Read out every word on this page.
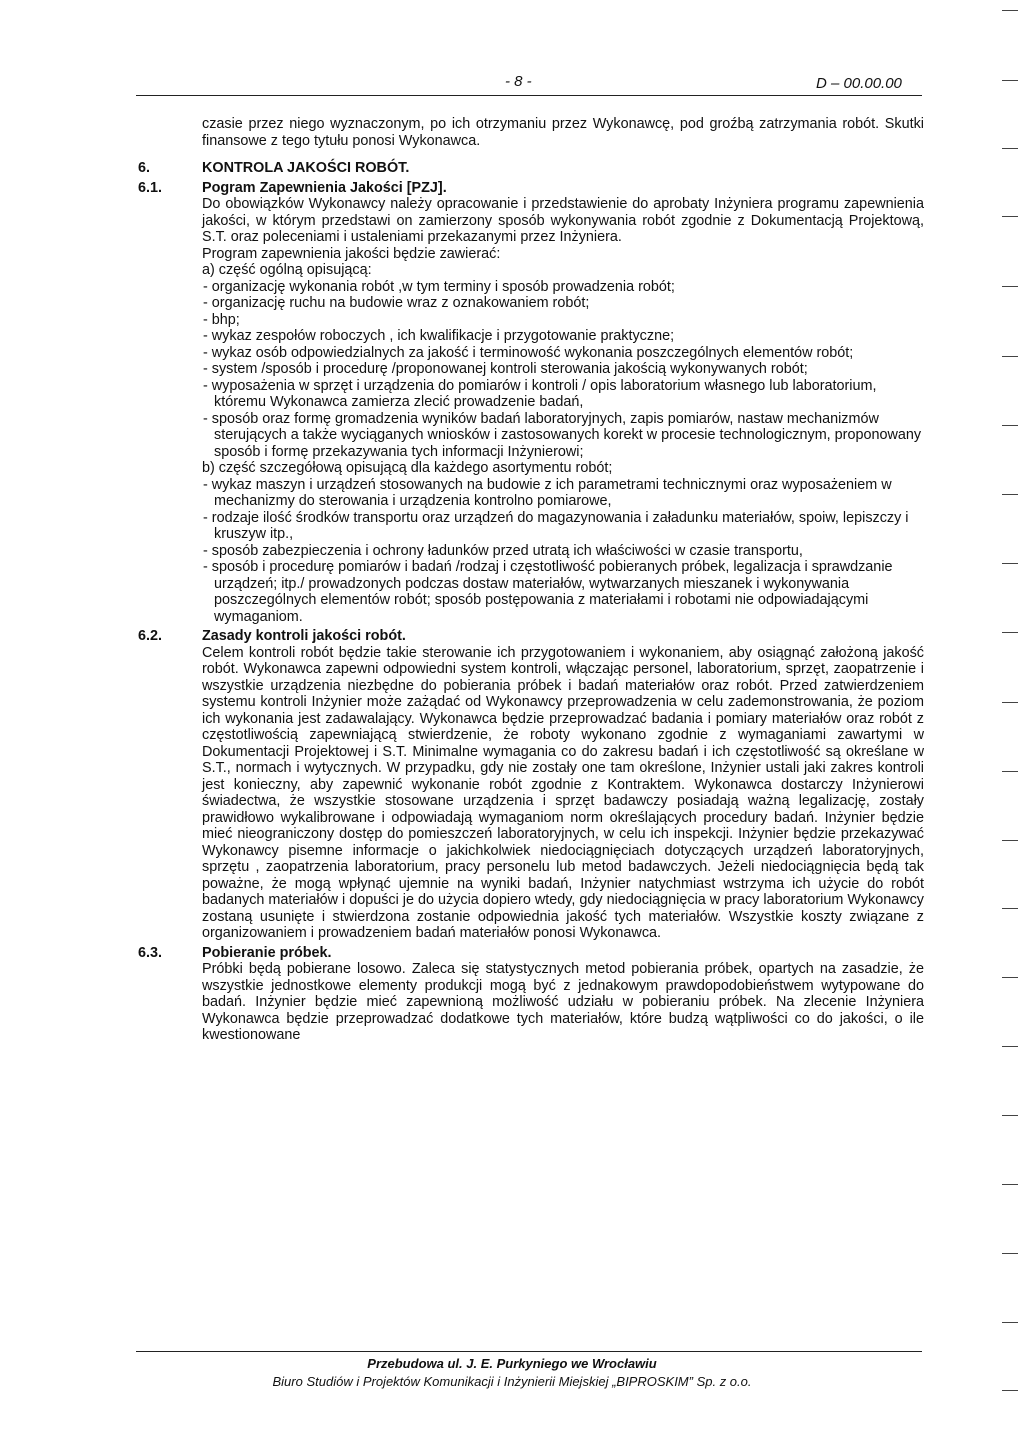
- 8 -	D – 00.00.00

czasie przez niego wyznaczonym, po ich otrzymaniu przez Wykonawcę, pod groźbą zatrzymania robót. Skutki finansowe z tego tytułu ponosi Wykonawca.

6.	KONTROLA JAKOŚCI ROBÓT.
6.1.	Pogram Zapewnienia Jakości [PZJ].

Do obowiązków Wykonawcy należy opracowanie i przedstawienie do aprobaty Inżyniera programu zapewnienia jakości, w którym przedstawi on zamierzony sposób wykonywania robót zgodnie z Dokumentacją Projektową, S.T. oraz poleceniami i ustaleniami przekazanymi przez Inżyniera.

Program zapewnienia jakości będzie zawierać:

a) część ogólną opisującą:

- organizację wykonania robót ,w tym terminy i sposób prowadzenia robót;
- organizację ruchu na budowie wraz z oznakowaniem robót;
- bhp;
- wykaz zespołów roboczych , ich kwalifikacje i przygotowanie praktyczne;
- wykaz osób odpowiedzialnych za jakość i terminowość wykonania poszczególnych elementów robót;
- system /sposób i procedurę /proponowanej kontroli sterowania jakością wykonywanych robót;
- wyposażenia w sprzęt i urządzenia do pomiarów i kontroli / opis laboratorium własnego lub laboratorium, któremu Wykonawca zamierza zlecić prowadzenie badań,
- sposób oraz formę gromadzenia wyników badań laboratoryjnych, zapis pomiarów, nastaw mechanizmów sterujących a także wyciąganych wniosków i zastosowanych korekt w procesie technologicznym, proponowany sposób i formę przekazywania tych informacji Inżynierowi;

b) część szczegółową opisującą dla każdego asortymentu robót;

- wykaz maszyn i urządzeń stosowanych na budowie z ich parametrami technicznymi oraz wyposażeniem w mechanizmy do sterowania i urządzenia kontrolno pomiarowe,
- rodzaje ilość środków transportu oraz urządzeń do magazynowania i załadunku materiałów, spoiw, lepiszczy i kruszyw itp.,
- sposób zabezpieczenia i ochrony ładunków przed utratą ich właściwości w czasie transportu,
- sposób i procedurę pomiarów i badań /rodzaj i częstotliwość pobieranych próbek, legalizacja i sprawdzanie urządzeń; itp./ prowadzonych podczas dostaw materiałów, wytwarzanych mieszanek i wykonywania poszczególnych elementów robót; sposób postępowania z materiałami i robotami nie odpowiadającymi wymaganiom.
6.2.	Zasady kontroli jakości robót.

Celem kontroli robót będzie takie sterowanie ich przygotowaniem i wykonaniem, aby osiągnąć założoną jakość robót. Wykonawca zapewni odpowiedni system kontroli, włączając personel, laboratorium, sprzęt, zaopatrzenie i wszystkie urządzenia niezbędne do pobierania próbek i badań materiałów oraz robót. Przed zatwierdzeniem systemu kontroli Inżynier może zażądać od Wykonawcy przeprowadzenia w celu zademonstrowania, że poziom ich wykonania jest zadawalający. Wykonawca będzie przeprowadzać badania i pomiary materiałów oraz robót z częstotliwością zapewniającą stwierdzenie, że roboty wykonano zgodnie z wymaganiami zawartymi w Dokumentacji Projektowej i S.T. Minimalne wymagania co do zakresu badań i ich częstotliwość są określane w S.T., normach i wytycznych. W przypadku, gdy nie zostały one tam określone, Inżynier ustali jaki zakres kontroli jest konieczny, aby zapewnić wykonanie robót zgodnie z Kontraktem. Wykonawca dostarczy Inżynierowi świadectwa, że wszystkie stosowane urządzenia i sprzęt badawczy posiadają ważną legalizację, zostały prawidłowo wykalibrowane i odpowiadają wymaganiom norm określających procedury badań. Inżynier będzie mieć nieograniczony dostęp do pomieszczeń laboratoryjnych, w celu ich inspekcji. Inżynier będzie przekazywać Wykonawcy pisemne informacje o jakichkolwiek niedociągnięciach dotyczących urządzeń laboratoryjnych, sprzętu , zaopatrzenia laboratorium, pracy personelu lub metod badawczych. Jeżeli niedociągnięcia będą tak poważne, że mogą wpłynąć ujemnie na wyniki badań, Inżynier natychmiast wstrzyma ich użycie do robót badanych materiałów i dopuści je do użycia dopiero wtedy, gdy niedociągnięcia w pracy laboratorium Wykonawcy zostaną usunięte i stwierdzona zostanie odpowiednia jakość tych materiałów. Wszystkie koszty związane z organizowaniem i prowadzeniem badań materiałów ponosi Wykonawca.

6.3.	Pobieranie próbek.

Próbki będą pobierane losowo. Zaleca się statystycznych metod pobierania próbek, opartych na zasadzie, że wszystkie jednostkowe elementy produkcji mogą być z jednakowym prawdopodobieństwem wytypowane do badań. Inżynier będzie mieć zapewnioną możliwość udziału w pobieraniu próbek. Na zlecenie Inżyniera Wykonawca będzie przeprowadzać dodatkowe tych materiałów, które budzą wątpliwości co do jakości, o ile kwestionowane

Przebudowa ul. J. E. Purkyniego we Wrocławiu
Biuro Studiów i Projektów Komunikacji i Inżynierii Miejskiej „BIPROSKIM” Sp. z o.o.
